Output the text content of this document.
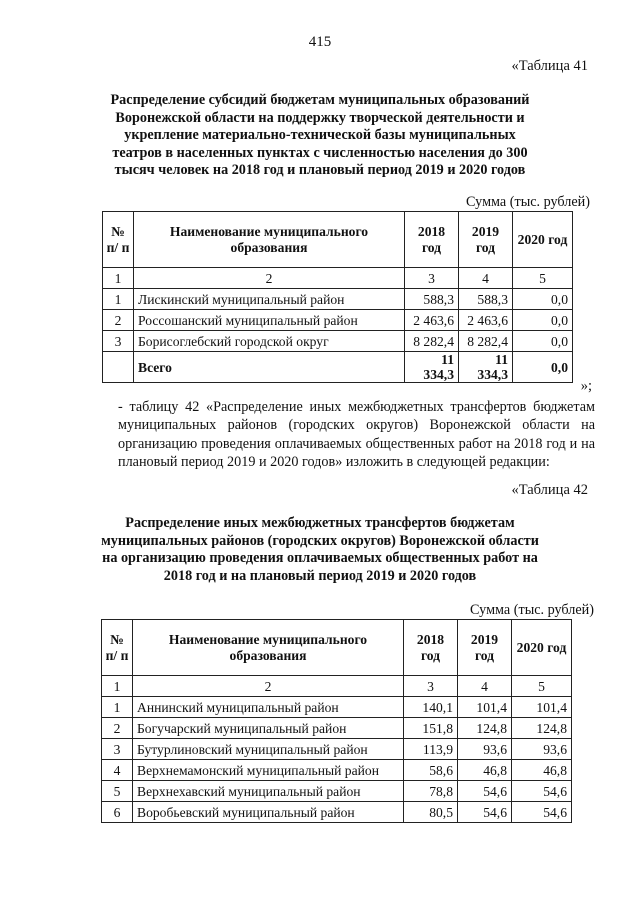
415
«Таблица 41
Распределение субсидий бюджетам муниципальных образований Воронежской области на поддержку творческой деятельности и укрепление материально-технической базы муниципальных театров в населенных пунктах с численностью населения до 300 тысяч человек на 2018 год и плановый период 2019 и 2020 годов
Сумма (тыс. рублей)
№ п/ п	Наименование муниципального образования	2018 год	2019 год	2020 год
1	2	3	4	5
1	Лискинский муниципальный район	588,3	588,3	0,0
2	Россошанский муниципальный район	2 463,6	2 463,6	0,0
3	Борисоглебский городской округ	8 282,4	8 282,4	0,0
	Всего	11 334,3	11 334,3	0,0
»;
- таблицу 42 «Распределение иных межбюджетных трансфертов бюджетам муниципальных районов (городских округов) Воронежской области на организацию проведения оплачиваемых общественных работ на 2018 год и на плановый период 2019 и 2020 годов» изложить в следующей редакции:
«Таблица 42
Распределение иных межбюджетных трансфертов бюджетам муниципальных районов (городских округов) Воронежской области на организацию проведения оплачиваемых общественных работ на 2018 год и на плановый период 2019 и 2020 годов
Сумма (тыс. рублей)
№ п/ п	Наименование муниципального образования	2018 год	2019 год	2020 год
1	2	3	4	5
1	Аннинский муниципальный район	140,1	101,4	101,4
2	Богучарский муниципальный район	151,8	124,8	124,8
3	Бутурлиновский муниципальный район	113,9	93,6	93,6
4	Верхнемамонский муниципальный район	58,6	46,8	46,8
5	Верхнехавский муниципальный район	78,8	54,6	54,6
6	Воробьевский муниципальный район	80,5	54,6	54,6
